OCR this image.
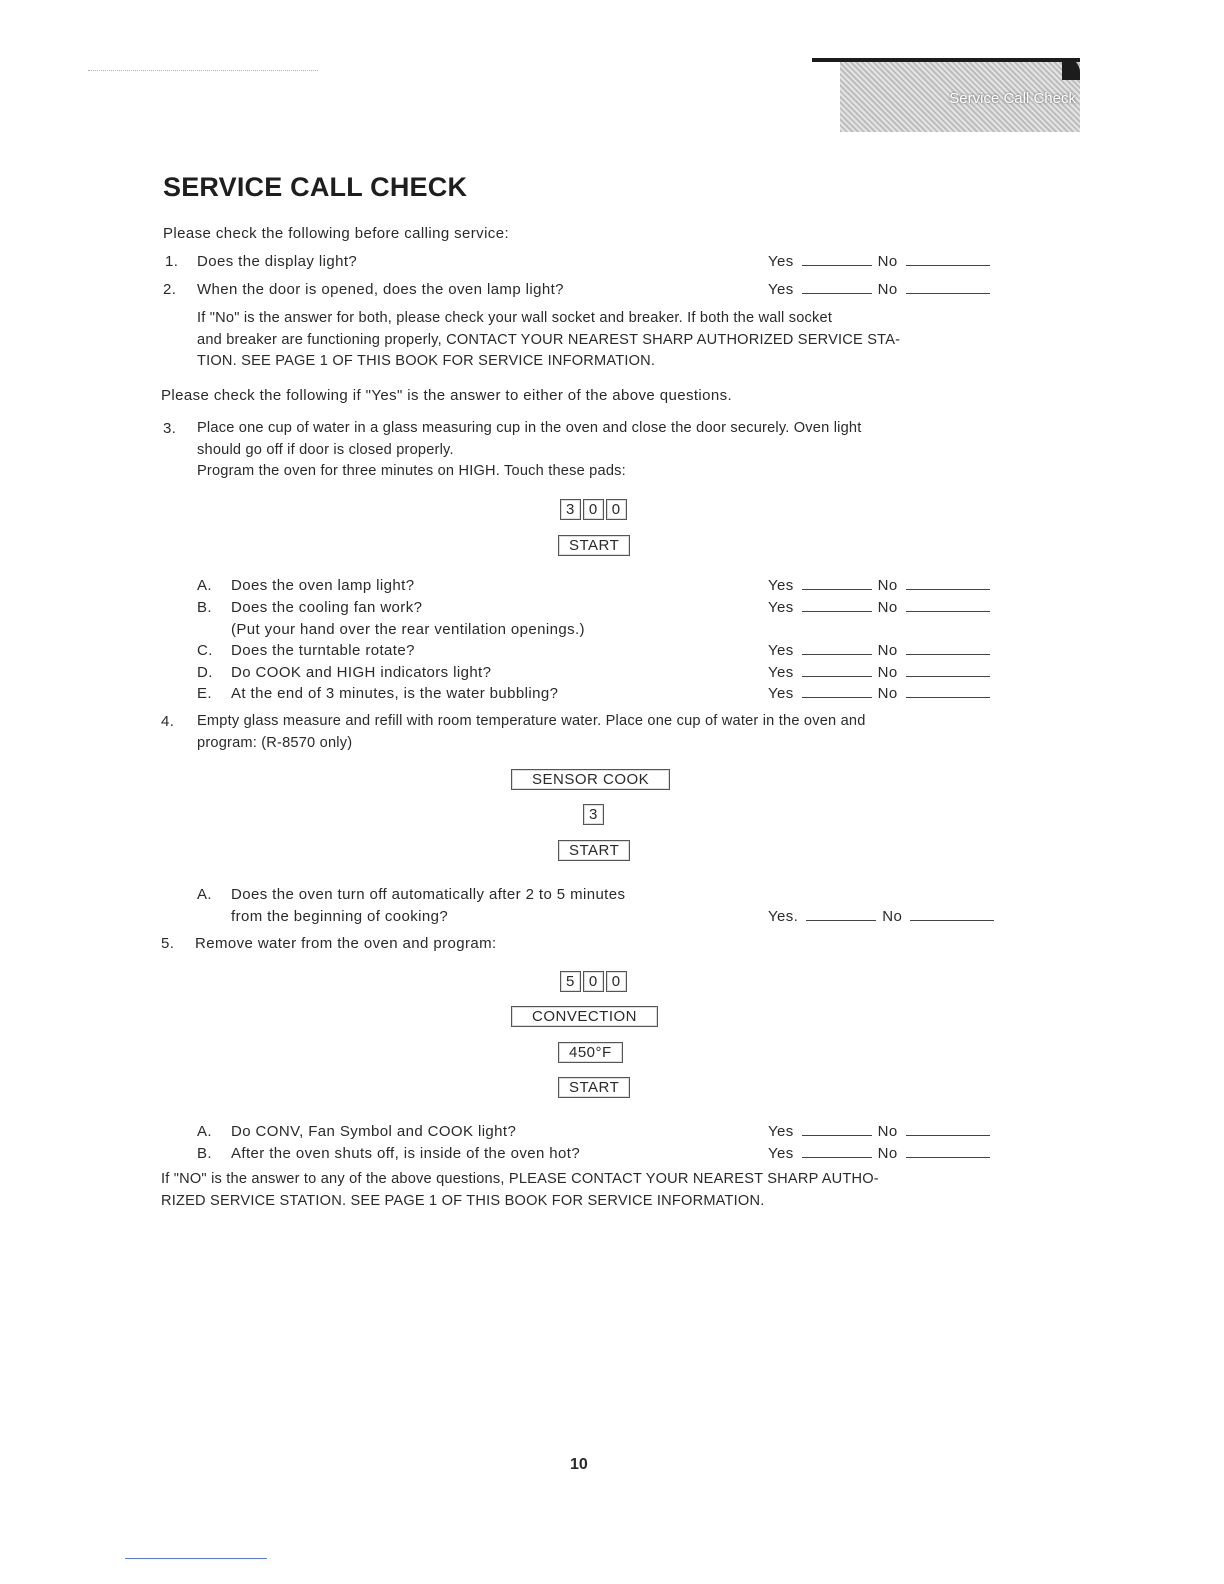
Service Call Check
SERVICE CALL CHECK
Please check the following before calling service:
1. Does the display light?	Yes	No
2. When the door is opened, does the oven lamp light?	Yes	No

If "No" is the answer for both, please check your wall socket and breaker. If both the wall socket

and breaker are functioning properly, CONTACT YOUR NEAREST SHARP AUTHORIZED SERVICE STA-

TION. SEE PAGE 1 OF THIS BOOK FOR SERVICE INFORMATION.

Please check the following if "Yes" is the answer to either of the above questions.
3. Place one cup of water in a glass measuring cup in the oven and close the door securely. Oven light

should go off if door is closed properly.

Program the oven for three minutes on HIGH. Touch these pads:

3 0 0
START
A. Does the oven lamp light?	Yes	No
B. Does the cooling fan work?	Yes	No
(Put your hand over the rear ventilation openings.)
C. Does the turntable rotate?	Yes	No
D. Do COOK and HIGH indicators light?	Yes	No
E. At the end of 3 minutes, is the water bubbling?	Yes	No
4. Empty glass measure and refill with room temperature water. Place one cup of water in the oven and

program: (R-8570 only)

SENSOR COOK
3
START
A. Does the oven turn off automatically after 2 to 5 minutes
from the beginning of cooking?	Yes.	No
5. Remove water from the oven and program:
5 0 0
CONVECTION
450°F
START
A. Do CONV, Fan Symbol and COOK light?	Yes	No
B. After the oven shuts off, is inside of the oven hot?	Yes	No

If "NO" is the answer to any of the above questions, PLEASE CONTACT YOUR NEAREST SHARP AUTHO-

RIZED SERVICE STATION. SEE PAGE 1 OF THIS BOOK FOR SERVICE INFORMATION.

10
